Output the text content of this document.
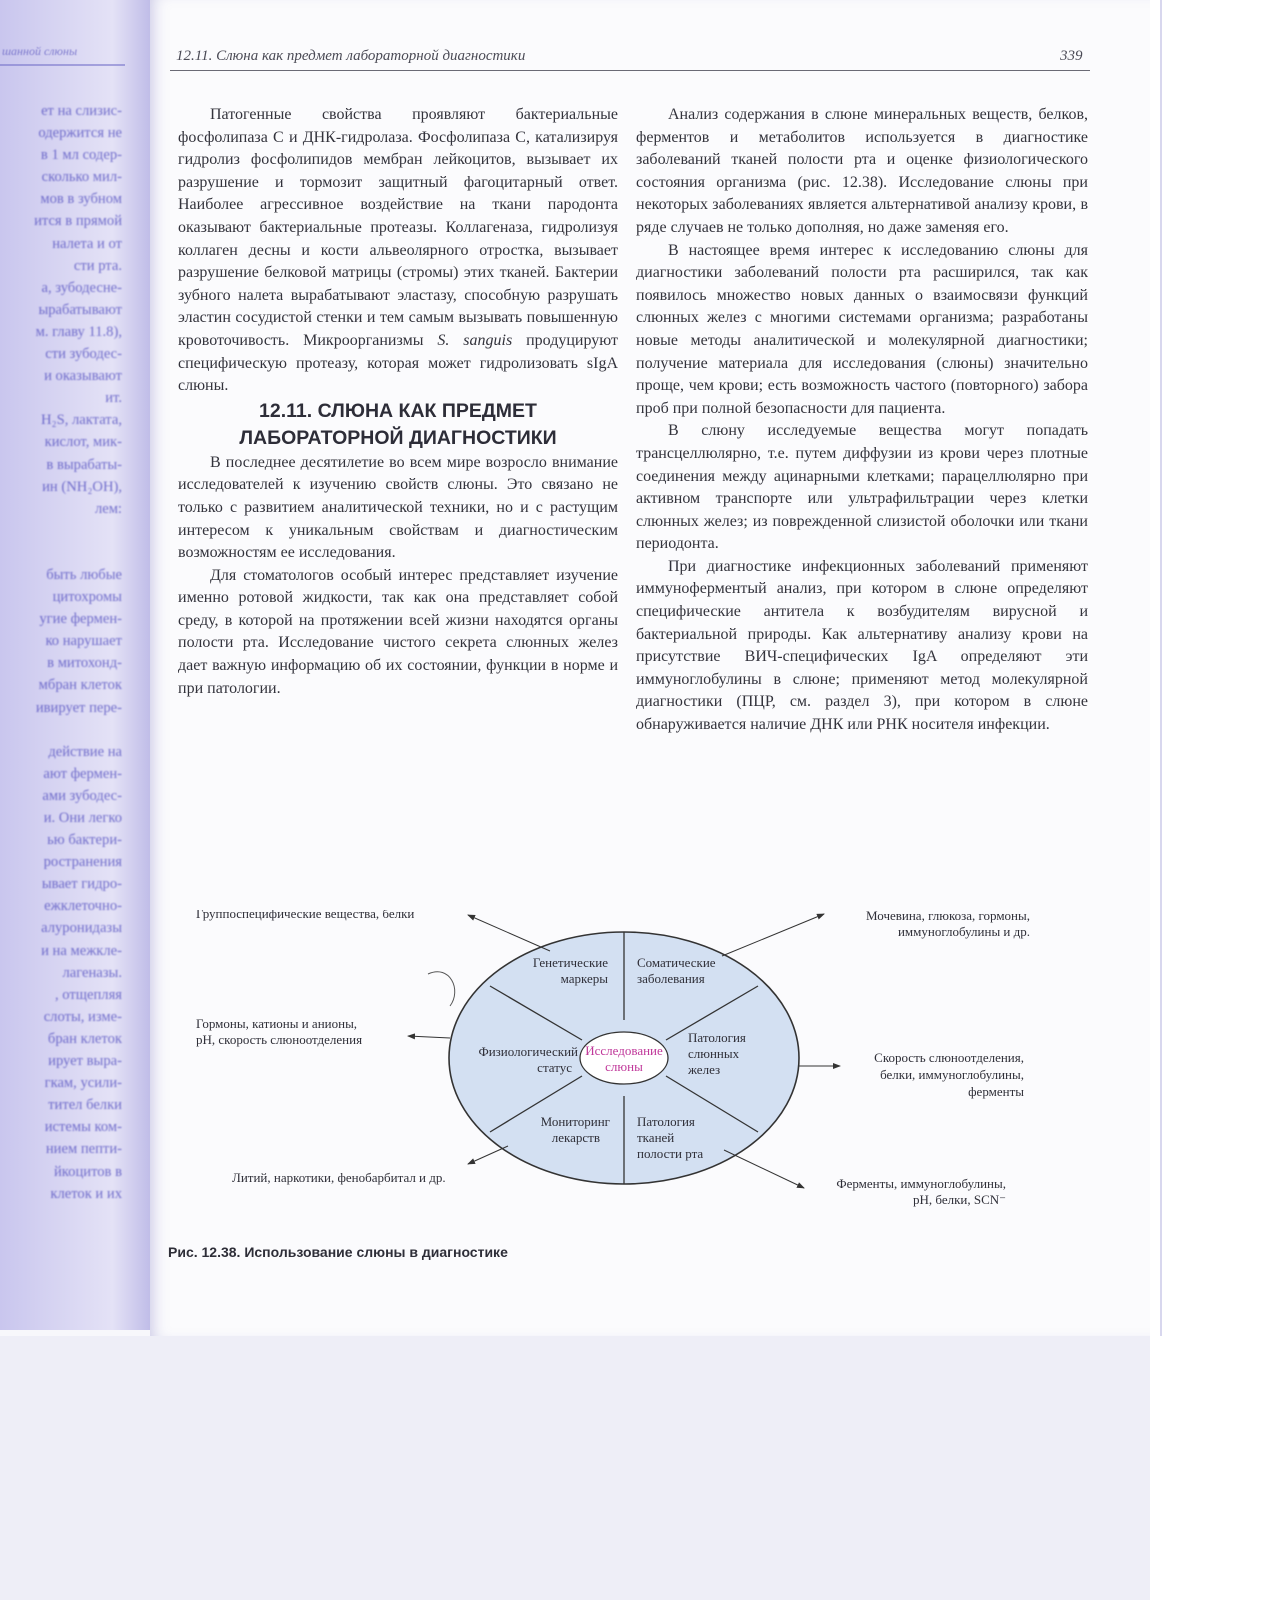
шанной слюны
ет на слизис-
одержится не
в 1 мл содер-
сколько мил-
мов в зубном
ится в прямой
налета и от
сти рта.
а, зубодесне-
ырабатывают
м. главу 11.8),
сти зубодес-
и оказывают
ит.
H₂S, лактата,
кислот, мик-
в вырабаты-
ин (NH₂OH),
лем:

быть любые
цитохромы
угие фермен-
ко нарушает
в митохонд-
мбран клеток
ивирует пере-

действие на
ают фермен-
ами зубодес-
и. Они легко
ью бактери-
ространения
ывает гидро-
ежклеточно-
алуронидазы
и на межкле-
лагеназы.
, отщепляя
слоты, изме-
бран клеток
ирует выра-
гкам, усили-
тител белки
истемы ком-
нием пепти-
йкоцитов в
клеток и их
12.11. Слюна как предмет лабораторной диагностики	339

Патогенные свойства проявляют бактериальные фосфолипаза С и ДНК-гидролаза. Фосфолипаза С, катализируя гидролиз фосфолипидов мембран лейкоцитов, вызывает их разрушение и тормозит защитный фагоцитарный ответ. Наиболее агрессивное воздействие на ткани пародонта оказывают бактериальные протеазы. Коллагеназа, гидролизуя коллаген десны и кости альвеолярного отростка, вызывает разрушение белковой матрицы (стромы) этих тканей. Бактерии зубного налета вырабатывают эластазу, способную разрушать эластин сосудистой стенки и тем самым вызывать повышенную кровоточивость. Микроорганизмы S. sanguis продуцируют специфическую протеазу, которая может гидролизовать sIgA слюны.

12.11. СЛЮНА КАК ПРЕДМЕТ
ЛАБОРАТОРНОЙ ДИАГНОСТИКИ

В последнее десятилетие во всем мире возросло внимание исследователей к изучению свойств слюны. Это связано не только с развитием аналитической техники, но и с растущим интересом к уникальным свойствам и диагностическим возможностям ее исследования.

Для стоматологов особый интерес представляет изучение именно ротовой жидкости, так как она представляет собой среду, в которой на протяжении всей жизни находятся органы полости рта. Исследование чистого секрета слюнных желез дает важную информацию об их состоянии, функции в норме и при патологии.

Анализ содержания в слюне минеральных веществ, белков, ферментов и метаболитов используется в диагностике заболеваний тканей полости рта и оценке физиологического состояния организма (рис. 12.38). Исследование слюны при некоторых заболеваниях является альтернативой анализу крови, в ряде случаев не только дополняя, но даже заменяя его.

В настоящее время интерес к исследованию слюны для диагностики заболеваний полости рта расширился, так как появилось множество новых данных о взаимосвязи функций слюнных желез с многими системами организма; разработаны новые методы аналитической и молекулярной диагностики; получение материала для исследования (слюны) значительно проще, чем крови; есть возможность частого (повторного) забора проб при полной безопасности для пациента.

В слюну исследуемые вещества могут попадать трансцеллюлярно, т.е. путем диффузии из крови через плотные соединения между ацинарными клетками; парацеллюлярно при активном транспорте или ультрафильтрации через клетки слюнных желез; из поврежденной слизистой оболочки или ткани периодонта.

При диагностике инфекционных заболеваний применяют иммуноферментый анализ, при котором в слюне определяют специфические антитела к возбудителям вирусной и бактериальной природы. Как альтернативу анализу крови на присутствие ВИЧ-специфических IgA определяют эти иммуноглобулины в слюне; применяют метод молекулярной диагностики (ПЦР, см. раздел 3), при котором в слюне обнаруживается наличие ДНК или РНК носителя инфекции.

Исследование
слюны
Генетические
маркеры
Соматические
заболевания
Патология
слюнных
желез
Физиологический
статус
Мониторинг
лекарств
Патология
тканей
полости рта
Группоспецифические вещества, белки	Мочевина, глюкоза, гормоны,
иммуноглобулины и др.
Гормоны, катионы и анионы,
pH, скорость слюноотделения
Скорость слюноотделения,
белки, иммуноглобулины,
ферменты
Литий, наркотики, фенобарбитал и др.	Ферменты, иммуноглобулины,
pH, белки, SCN⁻
Рис. 12.38. Использование слюны в диагностике
